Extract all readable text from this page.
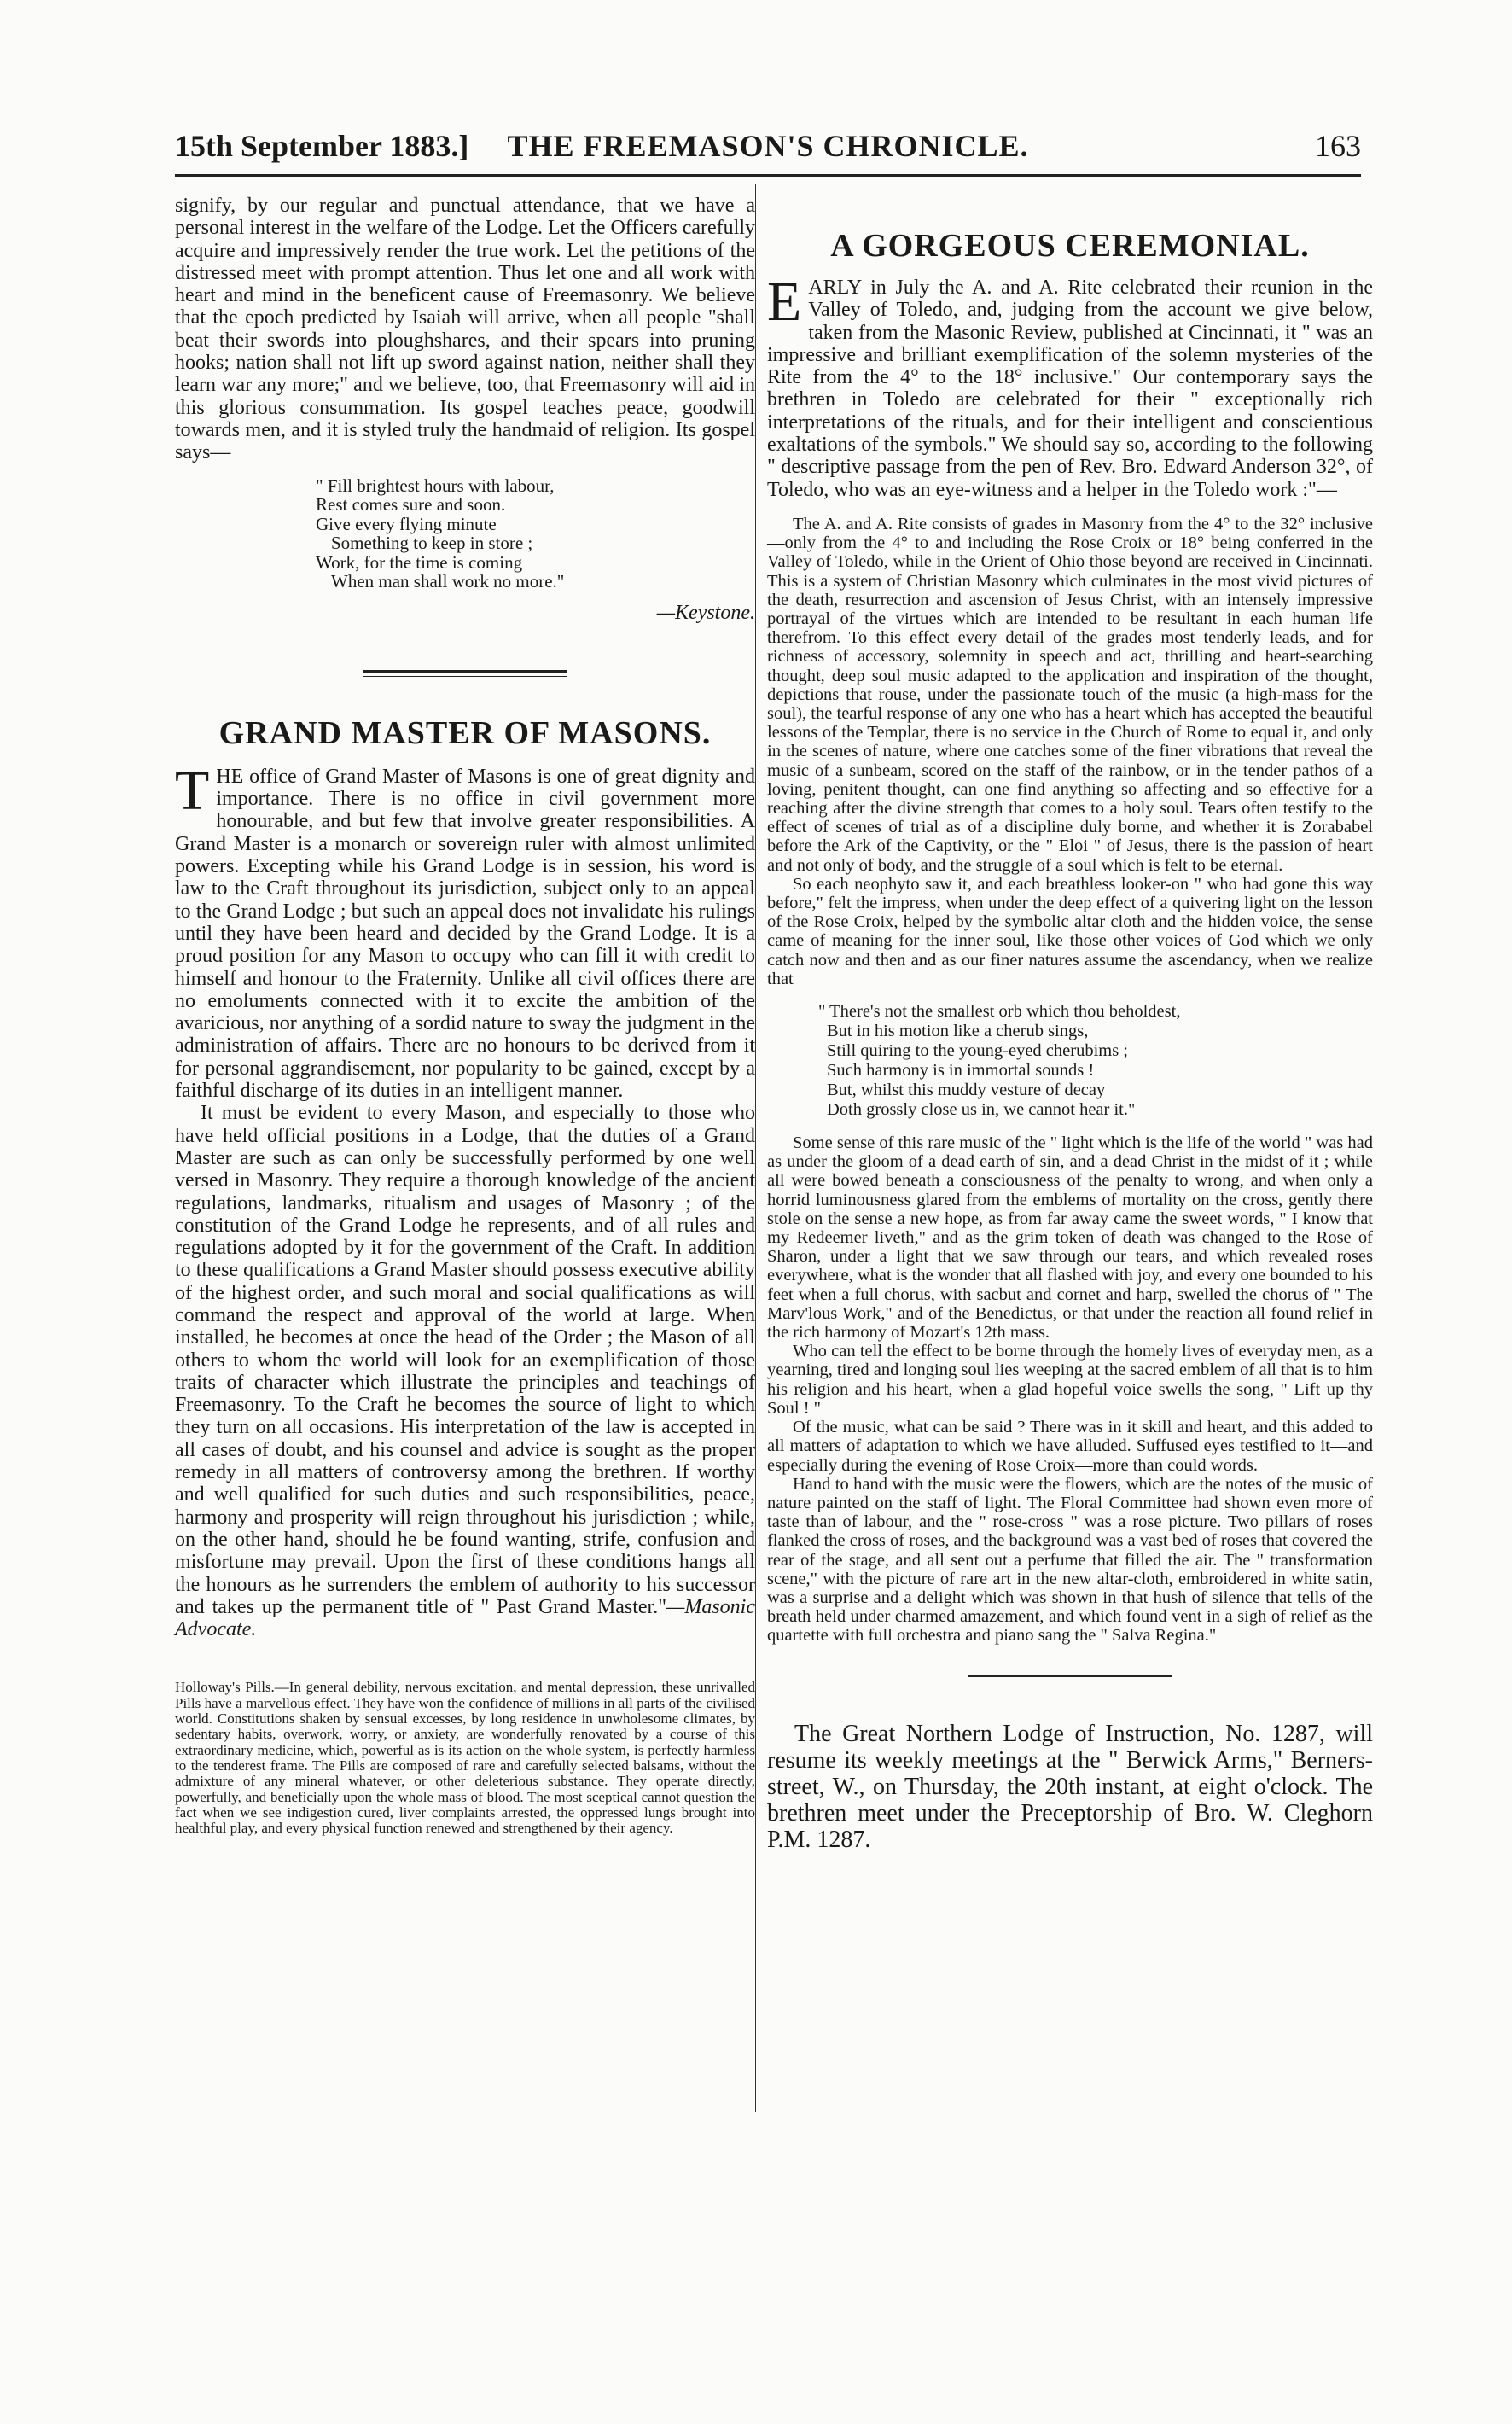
15th September 1883.]	THE FREEMASON'S CHRONICLE.	163

signify, by our regular and punctual attendance, that we have a personal interest in the welfare of the Lodge. Let the Officers carefully acquire and impressively render the true work. Let the petitions of the distressed meet with prompt attention. Thus let one and all work with heart and mind in the beneficent cause of Freemasonry. We believe that the epoch predicted by Isaiah will arrive, when all people "shall beat their swords into ploughshares, and their spears into pruning hooks; nation shall not lift up sword against nation, neither shall they learn war any more;" and we believe, too, that Freemasonry will aid in this glorious consummation. Its gospel teaches peace, goodwill towards men, and it is styled truly the handmaid of religion. Its gospel says—

" Fill brightest hours with labour,
Rest comes sure and soon.
Give every flying minute
Something to keep in store ;
Work, for the time is coming
When man shall work no more."

—Keystone.

GRAND MASTER OF MASONS.

THE office of Grand Master of Masons is one of great dignity and importance. There is no office in civil government more honourable, and but few that involve greater responsibilities. A Grand Master is a monarch or sovereign ruler with almost unlimited powers. Excepting while his Grand Lodge is in session, his word is law to the Craft throughout its jurisdiction, subject only to an appeal to the Grand Lodge ; but such an appeal does not invalidate his rulings until they have been heard and decided by the Grand Lodge. It is a proud position for any Mason to occupy who can fill it with credit to himself and honour to the Fraternity. Unlike all civil offices there are no emoluments connected with it to excite the ambition of the avaricious, nor anything of a sordid nature to sway the judgment in the administration of affairs. There are no honours to be derived from it for personal aggrandisement, nor popularity to be gained, except by a faithful discharge of its duties in an intelligent manner.

It must be evident to every Mason, and especially to those who have held official positions in a Lodge, that the duties of a Grand Master are such as can only be successfully performed by one well versed in Masonry. They require a thorough knowledge of the ancient regulations, landmarks, ritualism and usages of Masonry ; of the constitution of the Grand Lodge he represents, and of all rules and regulations adopted by it for the government of the Craft. In addition to these qualifications a Grand Master should possess executive ability of the highest order, and such moral and social qualifications as will command the respect and approval of the world at large. When installed, he becomes at once the head of the Order ; the Mason of all others to whom the world will look for an exemplification of those traits of character which illustrate the principles and teachings of Freemasonry. To the Craft he becomes the source of light to which they turn on all occasions. His interpretation of the law is accepted in all cases of doubt, and his counsel and advice is sought as the proper remedy in all matters of controversy among the brethren. If worthy and well qualified for such duties and such responsibilities, peace, harmony and prosperity will reign throughout his jurisdiction ; while, on the other hand, should he be found wanting, strife, confusion and misfortune may prevail. Upon the first of these conditions hangs all the honours as he surrenders the emblem of authority to his successor and takes up the permanent title of " Past Grand Master."—Masonic Advocate.

Holloway's Pills.—In general debility, nervous excitation, and mental depression, these unrivalled Pills have a marvellous effect. They have won the confidence of millions in all parts of the civilised world. Constitutions shaken by sensual excesses, by long residence in unwholesome climates, by sedentary habits, overwork, worry, or anxiety, are wonderfully renovated by a course of this extraordinary medicine, which, powerful as is its action on the whole system, is perfectly harmless to the tenderest frame. The Pills are composed of rare and carefully selected balsams, without the admixture of any mineral whatever, or other deleterious substance. They operate directly, powerfully, and beneficially upon the whole mass of blood. The most sceptical cannot question the fact when we see indigestion cured, liver complaints arrested, the oppressed lungs brought into healthful play, and every physical function renewed and strengthened by their agency.

A GORGEOUS CEREMONIAL.

EARLY in July the A. and A. Rite celebrated their reunion in the Valley of Toledo, and, judging from the account we give below, taken from the Masonic Review, published at Cincinnati, it " was an impressive and brilliant exemplification of the solemn mysteries of the Rite from the 4° to the 18° inclusive." Our contemporary says the brethren in Toledo are celebrated for their " exceptionally rich interpretations of the rituals, and for their intelligent and conscientious exaltations of the symbols." We should say so, according to the following " descriptive passage from the pen of Rev. Bro. Edward Anderson 32°, of Toledo, who was an eye-witness and a helper in the Toledo work :"—

The A. and A. Rite consists of grades in Masonry from the 4° to the 32° inclusive—only from the 4° to and including the Rose Croix or 18° being conferred in the Valley of Toledo, while in the Orient of Ohio those beyond are received in Cincinnati. This is a system of Christian Masonry which culminates in the most vivid pictures of the death, resurrection and ascension of Jesus Christ, with an intensely impressive portrayal of the virtues which are intended to be resultant in each human life therefrom. To this effect every detail of the grades most tenderly leads, and for richness of accessory, solemnity in speech and act, thrilling and heart-searching thought, deep soul music adapted to the application and inspiration of the thought, depictions that rouse, under the passionate touch of the music (a high-mass for the soul), the tearful response of any one who has a heart which has accepted the beautiful lessons of the Templar, there is no service in the Church of Rome to equal it, and only in the scenes of nature, where one catches some of the finer vibrations that reveal the music of a sunbeam, scored on the staff of the rainbow, or in the tender pathos of a loving, penitent thought, can one find anything so affecting and so effective for a reaching after the divine strength that comes to a holy soul. Tears often testify to the effect of scenes of trial as of a discipline duly borne, and whether it is Zorababel before the Ark of the Captivity, or the " Eloi " of Jesus, there is the passion of heart and not only of body, and the struggle of a soul which is felt to be eternal.

So each neophyto saw it, and each breathless looker-on " who had gone this way before," felt the impress, when under the deep effect of a quivering light on the lesson of the Rose Croix, helped by the symbolic altar cloth and the hidden voice, the sense came of meaning for the inner soul, like those other voices of God which we only catch now and then and as our finer natures assume the ascendancy, when we realize that

" There's not the smallest orb which thou beholdest,
But in his motion like a cherub sings,
Still quiring to the young-eyed cherubims ;
Such harmony is in immortal sounds !
But, whilst this muddy vesture of decay
Doth grossly close us in, we cannot hear it."

Some sense of this rare music of the " light which is the life of the world " was had as under the gloom of a dead earth of sin, and a dead Christ in the midst of it ; while all were bowed beneath a consciousness of the penalty to wrong, and when only a horrid luminousness glared from the emblems of mortality on the cross, gently there stole on the sense a new hope, as from far away came the sweet words, " I know that my Redeemer liveth," and as the grim token of death was changed to the Rose of Sharon, under a light that we saw through our tears, and which revealed roses everywhere, what is the wonder that all flashed with joy, and every one bounded to his feet when a full chorus, with sacbut and cornet and harp, swelled the chorus of " The Marv'lous Work," and of the Benedictus, or that under the reaction all found relief in the rich harmony of Mozart's 12th mass.

Who can tell the effect to be borne through the homely lives of everyday men, as a yearning, tired and longing soul lies weeping at the sacred emblem of all that is to him his religion and his heart, when a glad hopeful voice swells the song, " Lift up thy Soul ! "

Of the music, what can be said ? There was in it skill and heart, and this added to all matters of adaptation to which we have alluded. Suffused eyes testified to it—and especially during the evening of Rose Croix—more than could words.

Hand to hand with the music were the flowers, which are the notes of the music of nature painted on the staff of light. The Floral Committee had shown even more of taste than of labour, and the " rose-cross " was a rose picture. Two pillars of roses flanked the cross of roses, and the background was a vast bed of roses that covered the rear of the stage, and all sent out a perfume that filled the air. The " transformation scene," with the picture of rare art in the new altar-cloth, embroidered in white satin, was a surprise and a delight which was shown in that hush of silence that tells of the breath held under charmed amazement, and which found vent in a sigh of relief as the quartette with full orchestra and piano sang the " Salva Regina."

The Great Northern Lodge of Instruction, No. 1287, will resume its weekly meetings at the " Berwick Arms," Berners-street, W., on Thursday, the 20th instant, at eight o'clock. The brethren meet under the Preceptorship of Bro. W. Cleghorn P.M. 1287.
